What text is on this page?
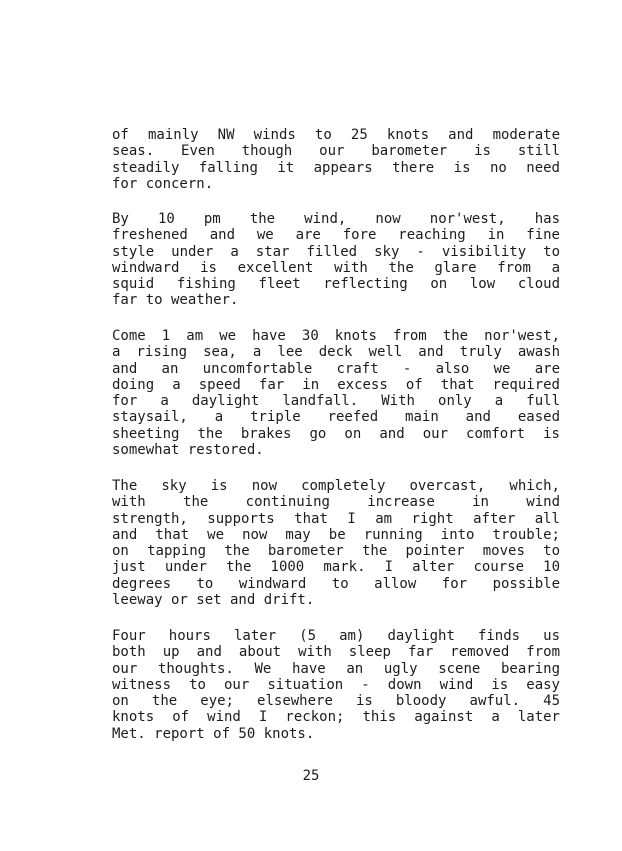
of mainly NW winds to 25 knots and moderate
seas. Even though our barometer is still
steadily falling it appears there is no need
for concern.
By 10 pm the wind, now nor'west, has
freshened and we are fore reaching in fine
style under a star filled sky - visibility to
windward is excellent with the glare from a
squid fishing fleet reflecting on low cloud
far to weather.
Come 1 am we have 30 knots from the nor'west,
a rising sea, a lee deck well and truly awash
and an uncomfortable craft - also we are
doing a speed far in excess of that required
for a daylight landfall. With only a full
staysail, a triple reefed main and eased
sheeting the brakes go on and our comfort is
somewhat restored.
The sky is now completely overcast, which,
with the continuing increase in wind
strength, supports that I am right after all
and that we now may be running into trouble;
on tapping the barometer the pointer moves to
just under the 1000 mark. I alter course 10
degrees to windward to allow for possible
leeway or set and drift.
Four hours later (5 am) daylight finds us
both up and about with sleep far removed from
our thoughts. We have an ugly scene bearing
witness to our situation - down wind is easy
on the eye; elsewhere is bloody awful. 45
knots of wind I reckon; this against a later
Met. report of 50 knots.
25
